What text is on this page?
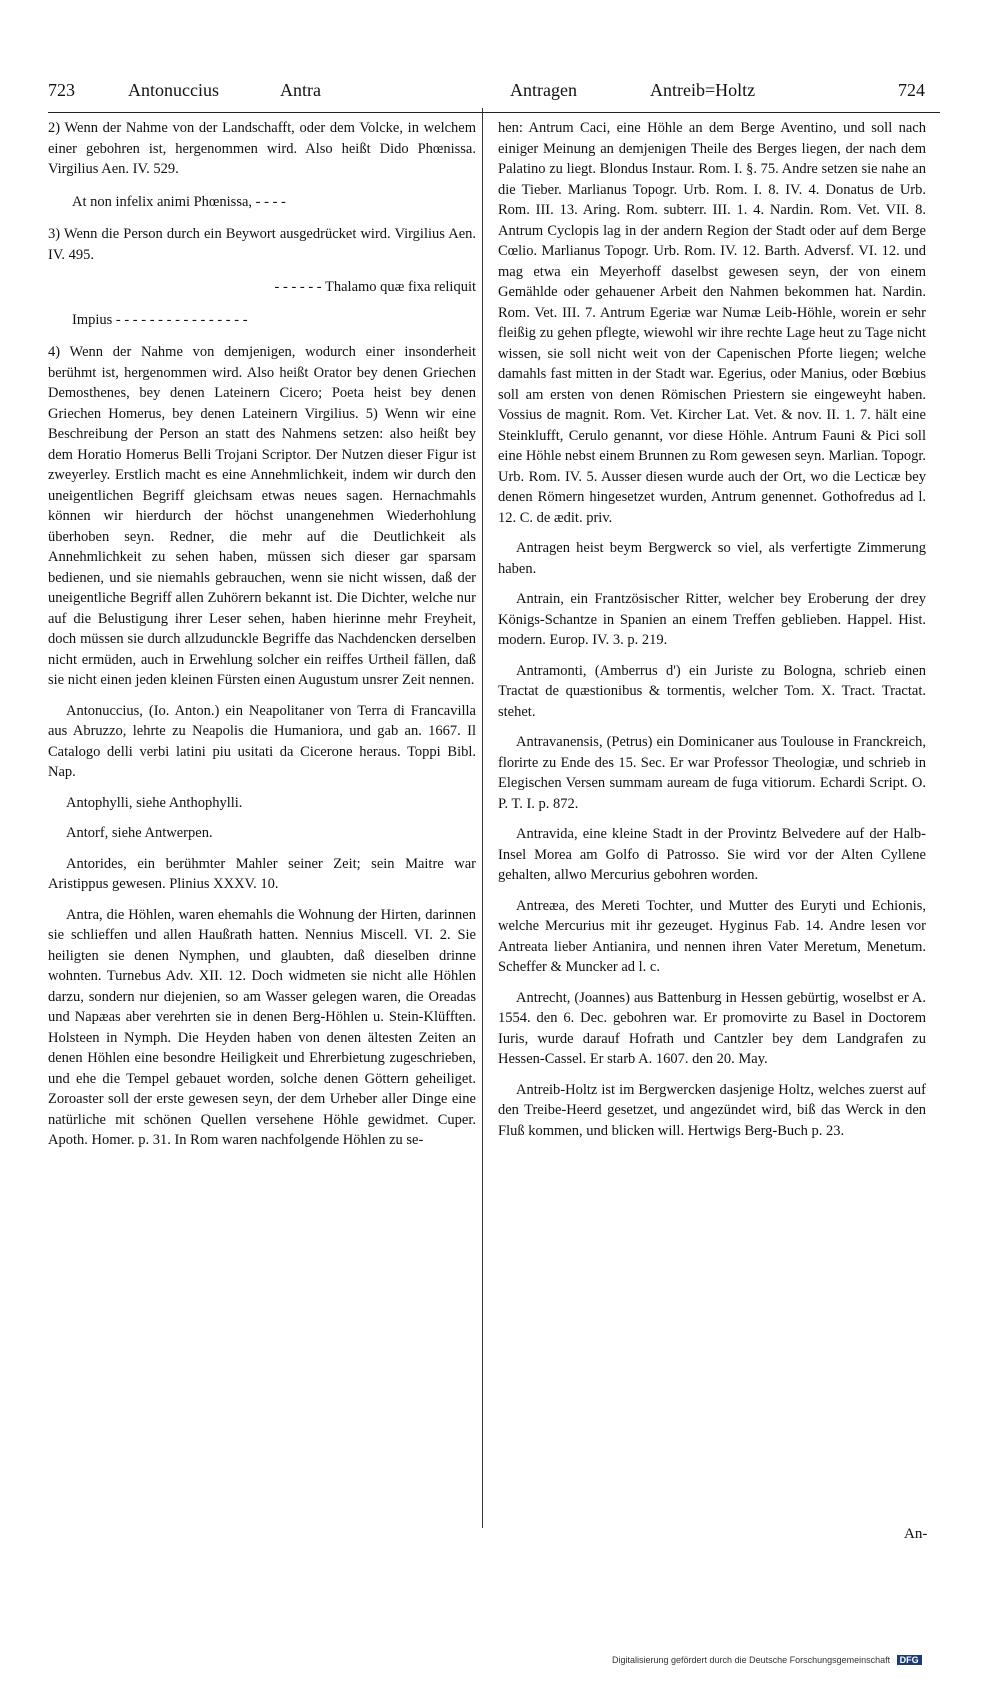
723	Antonuccius	Antra	Antragen	Antreib=Holtz	724

2) Wenn der Nahme von der Landschafft, oder dem Volcke, in welchem einer gebohren ist, hergenommen wird. Also heißt Dido Phœnissa. Virgilius Aen. IV. 529.

At non infelix animi Phœnissa, - - - -

3) Wenn die Person durch ein Beywort ausgedrücket wird. Virgilius Aen. IV. 495.

- - - - - - Thalamo quæ fixa reliquit

Impius - - - - - - - - - - - - - - - -

4) Wenn der Nahme von demjenigen, wodurch einer insonderheit berühmt ist, hergenommen wird. Also heißt Orator bey denen Griechen Demosthenes, bey denen Lateinern Cicero; Poeta heist bey denen Griechen Homerus, bey denen Lateinern Virgilius. 5) Wenn wir eine Beschreibung der Person an statt des Nahmens setzen: also heißt bey dem Horatio Homerus Belli Trojani Scriptor. Der Nutzen dieser Figur ist zweyerley. Erstlich macht es eine Annehmlichkeit, indem wir durch den uneigentlichen Begriff gleichsam etwas neues sagen. Hernachmahls können wir hierdurch der höchst unangenehmen Wiederhohlung überhoben seyn. Redner, die mehr auf die Deutlichkeit als Annehmlichkeit zu sehen haben, müssen sich dieser gar sparsam bedienen, und sie niemahls gebrauchen, wenn sie nicht wissen, daß der uneigentliche Begriff allen Zuhörern bekannt ist. Die Dichter, welche nur auf die Belustigung ihrer Leser sehen, haben hierinne mehr Freyheit, doch müssen sie durch allzudunckle Begriffe das Nachdencken derselben nicht ermüden, auch in Erwehlung solcher ein reiffes Urtheil fällen, daß sie nicht einen jeden kleinen Fürsten einen Augustum unsrer Zeit nennen.

Antonuccius, (Io. Anton.) ein Neapolitaner von Terra di Francavilla aus Abruzzo, lehrte zu Neapolis die Humaniora, und gab an. 1667. Il Catalogo delli verbi latini piu usitati da Cicerone heraus. Toppi Bibl. Nap.

Antophylli, siehe Anthophylli.

Antorf, siehe Antwerpen.

Antorides, ein berühmter Mahler seiner Zeit; sein Maitre war Aristippus gewesen. Plinius XXXV. 10.

Antra, die Höhlen, waren ehemahls die Wohnung der Hirten, darinnen sie schlieffen und allen Haußrath hatten. Nennius Miscell. VI. 2. Sie heiligten sie denen Nymphen, und glaubten, daß dieselben drinne wohnten. Turnebus Adv. XII. 12. Doch widmeten sie nicht alle Höhlen darzu, sondern nur diejenien, so am Wasser gelegen waren, die Oreadas und Napæas aber verehrten sie in denen Berg-Höhlen u. Stein-Klüfften. Holsteen in Nymph. Die Heyden haben von denen ältesten Zeiten an denen Höhlen eine besondre Heiligkeit und Ehrerbietung zugeschrieben, und ehe die Tempel gebauet worden, solche denen Göttern geheiliget. Zoroaster soll der erste gewesen seyn, der dem Urheber aller Dinge eine natürliche mit schönen Quellen versehene Höhle gewidmet. Cuper. Apoth. Homer. p. 31. In Rom waren nachfolgende Höhlen zu se-

hen: Antrum Caci, eine Höhle an dem Berge Aventino, und soll nach einiger Meinung an demjenigen Theile des Berges liegen, der nach dem Palatino zu liegt. Blondus Instaur. Rom. I. §. 75. Andre setzen sie nahe an die Tieber. Marlianus Topogr. Urb. Rom. I. 8. IV. 4. Donatus de Urb. Rom. III. 13. Aring. Rom. subterr. III. 1. 4. Nardin. Rom. Vet. VII. 8. Antrum Cyclopis lag in der andern Region der Stadt oder auf dem Berge Cœlio. Marlianus Topogr. Urb. Rom. IV. 12. Barth. Adversf. VI. 12. und mag etwa ein Meyerhoff daselbst gewesen seyn, der von einem Gemählde oder gehauener Arbeit den Nahmen bekommen hat. Nardin. Rom. Vet. III. 7. Antrum Egeriæ war Numæ Leib-Höhle, worein er sehr fleißig zu gehen pflegte, wiewohl wir ihre rechte Lage heut zu Tage nicht wissen, sie soll nicht weit von der Capenischen Pforte liegen; welche damahls fast mitten in der Stadt war. Egerius, oder Manius, oder Bœbius soll am ersten von denen Römischen Priestern sie eingeweyht haben. Vossius de magnit. Rom. Vet. Kircher Lat. Vet. & nov. II. 1. 7. hält eine Steinklufft, Cerulo genannt, vor diese Höhle. Antrum Fauni & Pici soll eine Höhle nebst einem Brunnen zu Rom gewesen seyn. Marlian. Topogr. Urb. Rom. IV. 5. Ausser diesen wurde auch der Ort, wo die Lecticæ bey denen Römern hingesetzet wurden, Antrum genennet. Gothofredus ad l. 12. C. de ædit. priv.

Antragen heist beym Bergwerck so viel, als verfertigte Zimmerung haben.

Antrain, ein Frantzösischer Ritter, welcher bey Eroberung der drey Königs-Schantze in Spanien an einem Treffen geblieben. Happel. Hist. modern. Europ. IV. 3. p. 219.

Antramonti, (Amberrus d') ein Juriste zu Bologna, schrieb einen Tractat de quæstionibus & tormentis, welcher Tom. X. Tract. Tractat. stehet.

Antravanensis, (Petrus) ein Dominicaner aus Toulouse in Franckreich, florirte zu Ende des 15. Sec. Er war Professor Theologiæ, und schrieb in Elegischen Versen summam auream de fuga vitiorum. Echardi Script. O. P. T. I. p. 872.

Antravida, eine kleine Stadt in der Provintz Belvedere auf der Halb-Insel Morea am Golfo di Patrosso. Sie wird vor der Alten Cyllene gehalten, allwo Mercurius gebohren worden.

Antreæa, des Mereti Tochter, und Mutter des Euryti und Echionis, welche Mercurius mit ihr gezeuget. Hyginus Fab. 14. Andre lesen vor Antreata lieber Antianira, und nennen ihren Vater Meretum, Menetum. Scheffer & Muncker ad l. c.

Antrecht, (Joannes) aus Battenburg in Hessen gebürtig, woselbst er A. 1554. den 6. Dec. gebohren war. Er promovirte zu Basel in Doctorem Iuris, wurde darauf Hofrath und Cantzler bey dem Landgrafen zu Hessen-Cassel. Er starb A. 1607. den 20. May.

Antreib-Holtz ist im Bergwercken dasjenige Holtz, welches zuerst auf den Treibe-Heerd gesetzet, und angezündet wird, biß das Werck in den Fluß kommen, und blicken will. Hertwigs Berg-Buch p. 23.

An-
Digitalisierung gefördert durch die Deutsche Forschungsgemeinschaft DFG
